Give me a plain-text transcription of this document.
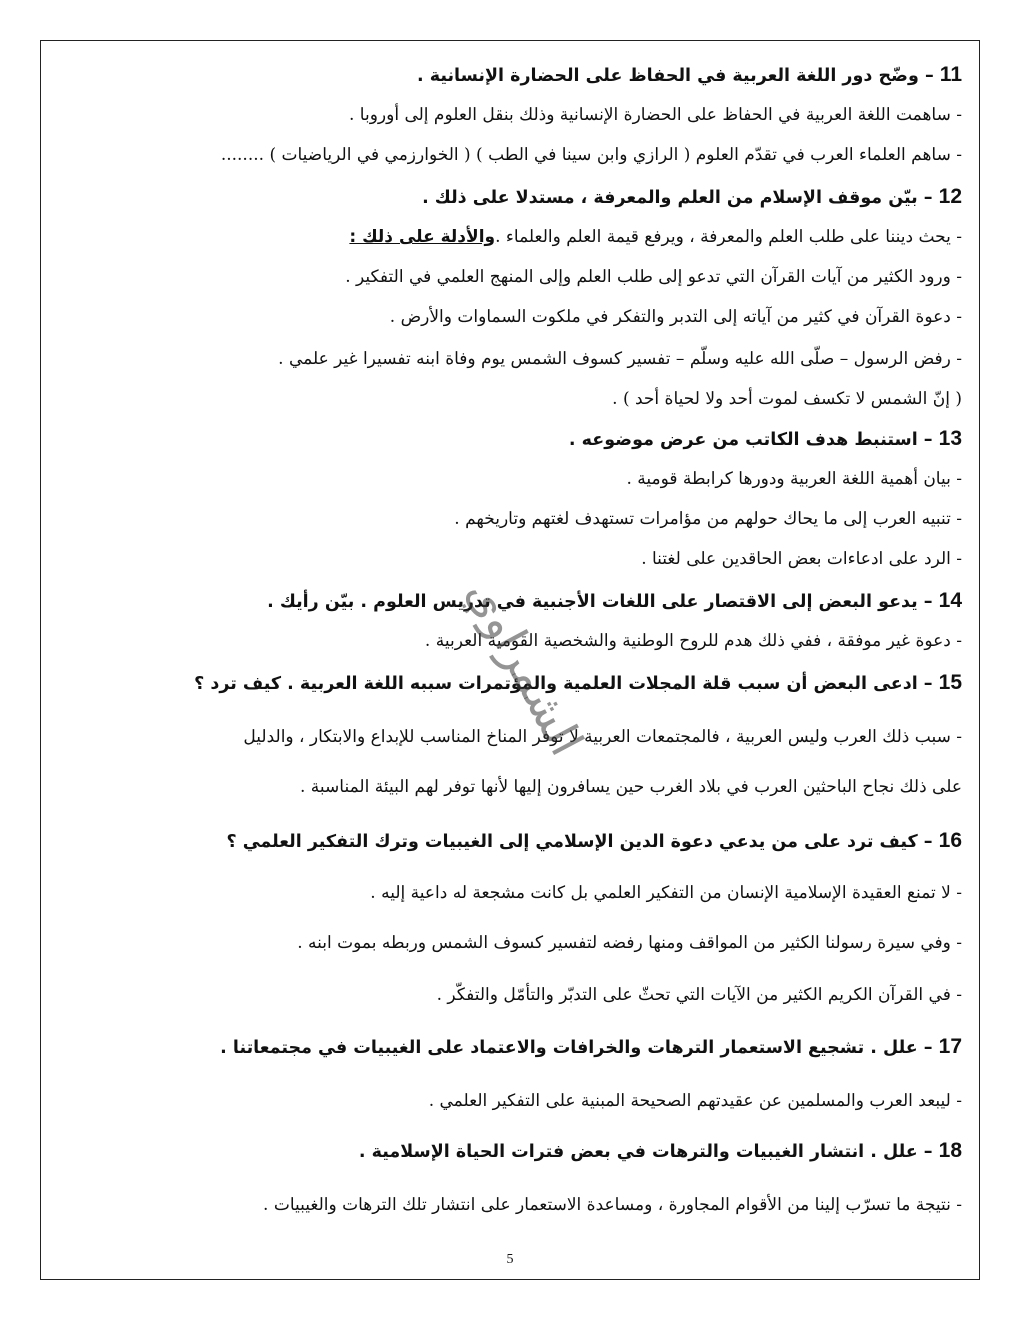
11 – وضّح دور اللغة العربية في الحفاظ على الحضارة الإنسانية .
- ساهمت اللغة العربية في الحفاظ على الحضارة الإنسانية وذلك بنقل العلوم إلى أوروبا .
- ساهم العلماء العرب في تقدّم العلوم ( الرازي وابن سينا في الطب ) ( الخوارزمي في الرياضيات ) ........
12 – بيّن موقف الإسلام من العلم والمعرفة ، مستدلا على ذلك .
- يحث ديننا على طلب العلم والمعرفة ، ويرفع قيمة العلم والعلماء .والأدلة على ذلك :
- ورود الكثير من آيات القرآن التي تدعو إلى طلب العلم وإلى المنهج العلمي في التفكير .
- دعوة القرآن في كثير من آياته إلى التدبر والتفكر في ملكوت السماوات والأرض .
- رفض الرسول – صلّى الله عليه وسلّم – تفسير كسوف الشمس يوم وفاة ابنه تفسيرا غير علمي .
( إنّ الشمس لا تكسف لموت أحد ولا لحياة أحد ) .
13 – استنبط هدف الكاتب من عرض موضوعه .
- بيان أهمية اللغة العربية ودورها كرابطة قومية .
- تنبيه العرب إلى ما يحاك حولهم من مؤامرات تستهدف لغتهم وتاريخهم .
- الرد على ادعاءات بعض الحاقدين على لغتنا .
14 – يدعو البعض إلى الاقتصار على اللغات الأجنبية في تدريس العلوم . بيّن رأيك .
- دعوة غير موفقة ، ففي ذلك هدم للروح الوطنية والشخصية القومية العربية .
15 – ادعى البعض أن سبب قلة المجلات العلمية والمؤتمرات سببه اللغة العربية . كيف ترد ؟
- سبب ذلك العرب وليس العربية ، فالمجتمعات العربية لا توفر المناخ المناسب للإبداع والابتكار ، والدليل
على ذلك نجاح الباحثين العرب في بلاد الغرب حين يسافرون إليها لأنها توفر لهم البيئة المناسبة .
16 – كيف ترد على من يدعي دعوة الدين الإسلامي إلى الغيبيات وترك التفكير العلمي ؟
- لا تمنع العقيدة الإسلامية الإنسان من التفكير العلمي بل كانت مشجعة له داعية إليه .
- وفي سيرة رسولنا الكثير من المواقف ومنها رفضه لتفسير كسوف الشمس وربطه بموت ابنه .
- في القرآن الكريم الكثير من الآيات التي تحثّ على التدبّر والتأمّل والتفكّر .
17 – علل . تشجيع الاستعمار الترهات والخرافات والاعتماد على الغيبيات في مجتمعاتنا .
- ليبعد العرب والمسلمين عن عقيدتهم الصحيحة المبنية على التفكير العلمي .
18 – علل . انتشار الغيبيات والترهات في بعض فترات الحياة الإسلامية .
- نتيجة ما تسرّب إلينا من الأقوام المجاورة ، ومساعدة الاستعمار على انتشار تلك الترهات والغيبيات .
الشمراوي
5
